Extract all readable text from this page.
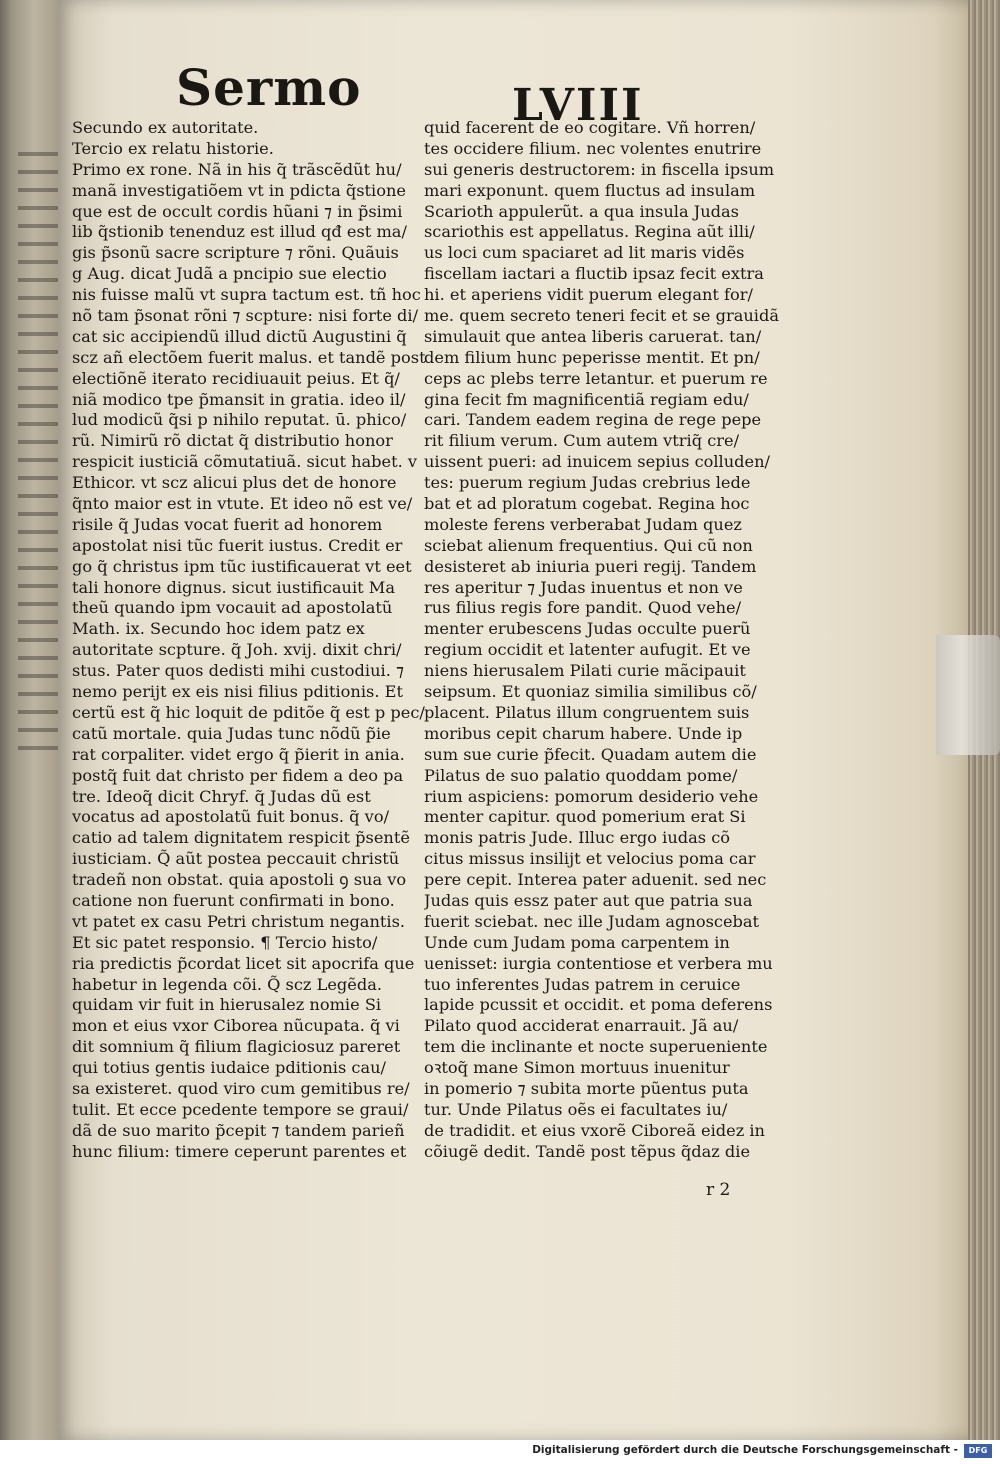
Sermo	LVIII
Secundo ex autoritate.
Tercio ex relatu historie.
Primo ex rone. Nã in his q̃ trãscẽdũt hu/
manã investigatiõem vt in pdicta q̃stione
que est de occult cordis hũani ⁊ in p̃simi
lib q̃stionib tenenduz est illud qđ est ma/
gis p̃sonũ sacre scripture ⁊ rõni. Quãuis
g Aug. dicat Judã a pncipio sue electio
nis fuisse malũ vt supra tactum est. tñ hoc
nõ tam p̃sonat rõni ⁊ scpture: nisi forte di/
cat sic accipiendũ illud dictũ Augustini q̃
scz añ electõem fuerit malus. et tandẽ post
electiõnẽ iterato recidiuauit peius. Et q̃/
niã modico tpe p̃mansit in gratia. ideo il/
lud modicũ q̃si p nihilo reputat. ū. phico/
rũ. Nimirũ rõ dictat q̃ distributio honor
respicit iusticiã cõmutatiuã. sicut habet. v
Ethicor. vt scz alicui plus det de honore
q̃nto maior est in vtute. Et ideo nõ est ve/
risile q̃ Judas vocat fuerit ad honorem
apostolat nisi tũc fuerit iustus. Credit er
go q̃ christus ipm tũc iustificauerat vt eet
tali honore dignus. sicut iustificauit Ma
theũ quando ipm vocauit ad apostolatũ
Math. ix. Secundo hoc idem patz ex
autoritate scpture. q̃ Joh. xvij. dixit chri/
stus. Pater quos dedisti mihi custodiui. ⁊
nemo perijt ex eis nisi filius pditionis. Et
certũ est q̃ hic loquit de pditõe q̃ est p pec/
catũ mortale. quia Judas tunc nõdũ p̃ie
rat corpaliter. videt ergo q̃ p̃ierit in ania.
postq̃ fuit dat christo per fidem a deo pa
tre. Ideoq̃ dicit Chryf. q̃ Judas dũ est
vocatus ad apostolatũ fuit bonus. q̃ vo/
catio ad talem dignitatem respicit p̃sentẽ
iusticiam. Q̃ aũt postea peccauit christũ
tradeñ non obstat. quia apostoli ꝯ sua vo
catione non fuerunt confirmati in bono.
vt patet ex casu Petri christum negantis.
Et sic patet responsio. ¶ Tercio histo/
ria predictis p̃cordat licet sit apocrifa que
habetur in legenda cõi. Q̃ scz Legẽda.
quidam vir fuit in hierusalez nomie Si
mon et eius vxor Ciborea nũcupata. q̃ vi
dit somnium q̃ filium flagiciosuz pareret
qui totius gentis iudaice pditionis cau/
sa existeret. quod viro cum gemitibus re/
tulit. Et ecce pcedente tempore se graui/
dã de suo marito p̃cepit ⁊ tandem parieñ
hunc filium: timere ceperunt parentes et
quid facerent de eo cogitare. Vñ horren/
tes occidere filium. nec volentes enutrire
sui generis destructorem: in fiscella ipsum
mari exponunt. quem fluctus ad insulam
Scarioth appulerũt. a qua insula Judas
scariothis est appellatus. Regina aũt illi/
us loci cum spaciaret ad lit maris vidẽs
fiscellam iactari a fluctib ipsaz fecit extra
hi. et aperiens vidit puerum elegant for/
me. quem secreto teneri fecit et se grauidã
simulauit que antea liberis caruerat. tan/
dem filium hunc peperisse mentit. Et pn/
ceps ac plebs terre letantur. et puerum re
gina fecit fm magnificentiã regiam edu/
cari. Tandem eadem regina de rege pepe
rit filium verum. Cum autem vtriq̃ cre/
uissent pueri: ad inuicem sepius colluden/
tes: puerum regium Judas crebrius lede
bat et ad ploratum cogebat. Regina hoc
moleste ferens verberabat Judam quez
sciebat alienum frequentius. Qui cũ non
desisteret ab iniuria pueri regij. Tandem
res aperitur ⁊ Judas inuentus et non ve
rus filius regis fore pandit. Quod vehe/
menter erubescens Judas occulte puerũ
regium occidit et latenter aufugit. Et ve
niens hierusalem Pilati curie mãcipauit
seipsum. Et quoniaz similia similibus cõ/
placent. Pilatus illum congruentem suis
moribus cepit charum habere. Unde ip
sum sue curie p̃fecit. Quadam autem die
Pilatus de suo palatio quoddam pome/
rium aspiciens: pomorum desiderio vehe
menter capitur. quod pomerium erat Si
monis patris Jude. Illuc ergo iudas cõ
citus missus insilijt et velocius poma car
pere cepit. Interea pater aduenit. sed nec
Judas quis essz pater aut que patria sua
fuerit sciebat. nec ille Judam agnoscebat
Unde cum Judam poma carpentem in
uenisset: iurgia contentiose et verbera mu
tuo inferentes Judas patrem in ceruice
lapide pcussit et occidit. et poma deferens
Pilato quod acciderat enarrauit. Jã au/
tem die inclinante et nocte superueniente
oꝛtoq̃ mane Simon mortuus inuenitur
in pomerio ⁊ subita morte pũentus puta
tur. Unde Pilatus oẽs ei facultates iu/
de tradidit. et eius vxorẽ Ciboreã eidez in
cõiugẽ dedit. Tandẽ post tẽpus q̃daz die
r 2
Digitalisierung gefördert durch die Deutsche Forschungsgemeinschaft -	DFG
